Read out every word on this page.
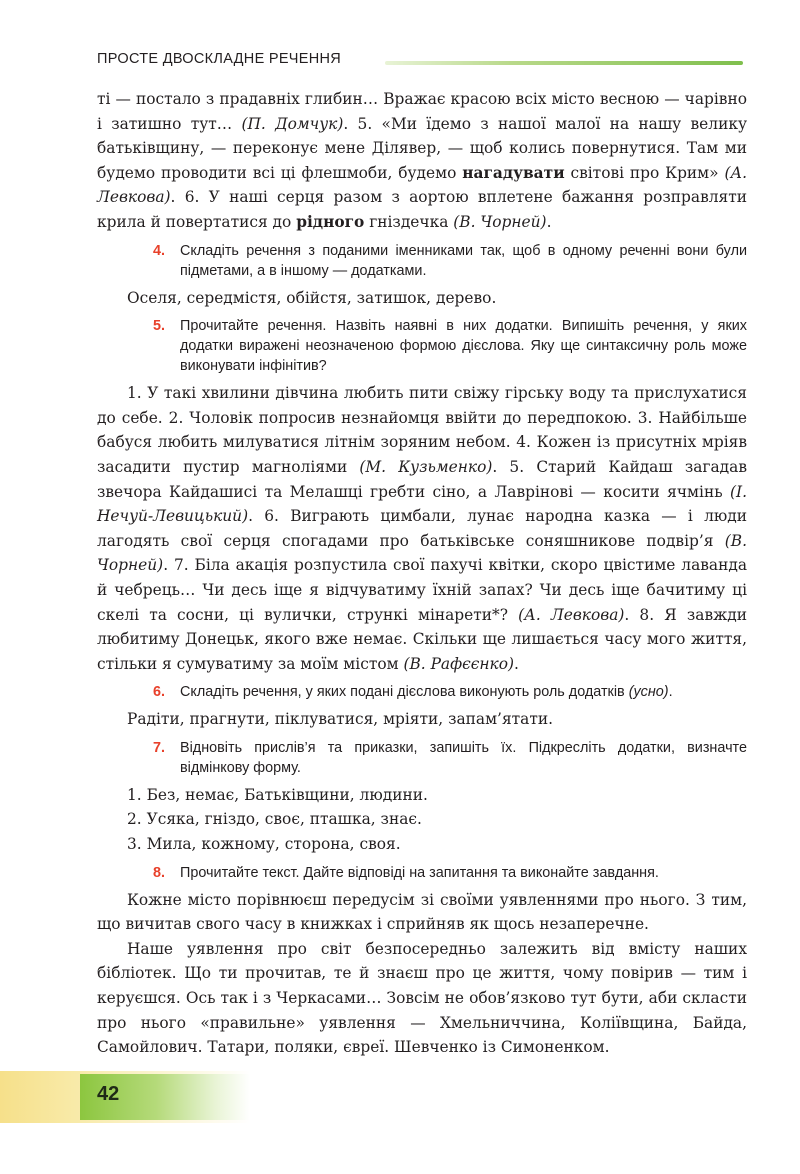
ПРОСТЕ ДВОСКЛАДНЕ РЕЧЕННЯ

ті — постало з прадавніх глибин… Вражає красою всіх місто весною — чарівно і затишно тут… (П. Домчук). 5. «Ми їдемо з нашої малої на нашу велику батьківщину, — переконує мене Ділявер, — щоб колись повернутися. Там ми будемо проводити всі ці флешмоби, будемо нагадувати світові про Крим» (А. Левкова). 6. У наші серця разом з аортою вплетене бажання розправляти крила й повертатися до рідного гніздечка (В. Чорней).

4.	Складіть речення з поданими іменниками так, щоб в одному реченні вони були підметами, а в іншому — додатками.

Оселя, середмістя, обійстя, затишок, дерево.

5.	Прочитайте речення. Назвіть наявні в них додатки. Випишіть речення, у яких додатки виражені неозначеною формою дієслова. Яку ще синтаксичну роль може виконувати інфінітив?

1. У такі хвилини дівчина любить пити свіжу гірську воду та прислухатися до себе. 2. Чоловік попросив незнайомця ввійти до передпокою. 3. Найбільше бабуся любить милуватися літнім зоряним небом. 4. Кожен із присутніх мріяв засадити пустир магноліями (М. Кузьменко). 5. Старий Кайдаш загадав звечора Кайдашисі та Мелашці гребти сіно, а Лаврінові — косити ячмінь (І. Нечуй-Левицький). 6. Виграють цимбали, лунає народна казка — і люди лагодять свої серця спогадами про батьківське соняшникове подвір’я (В. Чорней). 7. Біла акація розпустила свої пахучі квітки, скоро цвістиме лаванда й чебрець… Чи десь іще я відчуватиму їхній запах? Чи десь іще бачитиму ці скелі та сосни, ці вулички, стрункі мінарети*? (А. Левкова). 8. Я завжди любитиму Донецьк, якого вже немає. Скільки ще лишається часу мого життя, стільки я сумуватиму за моїм містом (В. Рафєєнко).

6.	Складіть речення, у яких подані дієслова виконують роль додатків (усно).

Радіти, прагнути, піклуватися, мріяти, запам’ятати.

7.	Відновіть прислів’я та приказки, запишіть їх. Підкресліть додатки, визначте відмінкову форму.

1. Без, немає, Батьківщини, людини.

2. Усяка, гніздо, своє, пташка, знає.

3. Мила, кожному, сторона, своя.

8.	Прочитайте текст. Дайте відповіді на запитання та виконайте завдання.

Кожне місто порівнюєш передусім зі своїми уявленнями про нього. З тим, що вичитав свого часу в книжках і сприйняв як щось незаперечне.

Наше уявлення про світ безпосередньо залежить від вмісту наших бібліотек. Що ти прочитав, те й знаєш про це життя, чому повірив — тим і керуєшся. Ось так і з Черкасами… Зовсім не обов’язково тут бути, аби скласти про нього «правильне» уявлення — Хмельниччина, Коліївщина, Байда, Самойлович. Татари, поляки, євреї. Шевченко із Симоненком.

42
